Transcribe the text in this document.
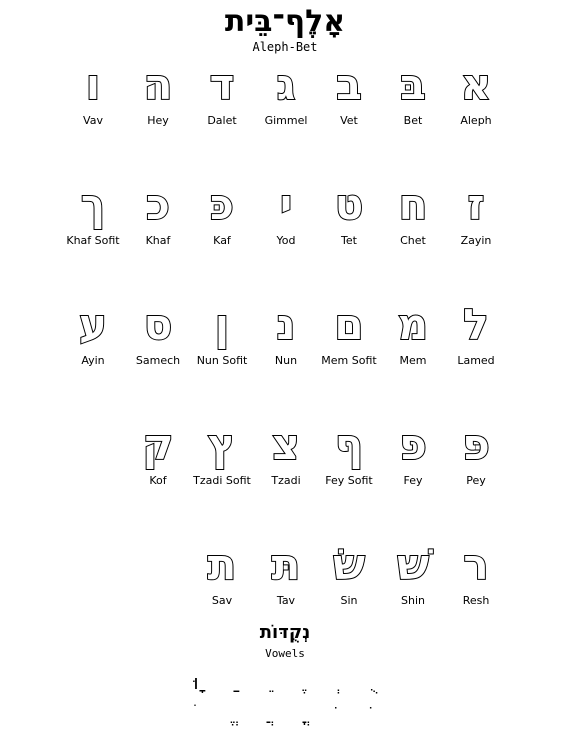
אָלֶף־בֵּית
Aleph-Bet
א
Aleph
בּ
Bet
ב
Vet
ג
Gimmel
ד
Dalet
ה
Hey
ו
Vav
ז
Zayin
ח
Chet
ט
Tet
י
Yod
כּ
Kaf
כ
Khaf
ך
Khaf Sofit
ל
Lamed
מ
Mem
ם
Mem Sofit
נ
Nun
ן
Nun Sofit
ס
Samech
ע
Ayin
פּ
Pey
פ
Fey
ף
Fey Sofit
צ
Tzadi
ץ
Tzadi Sofit
ק
Kof
ר
Resh
שׁ
Shin
שׂ
Sin
תּ
Tav
ת
Sav
נְקֻדּוֹת
Vowels
וּ
